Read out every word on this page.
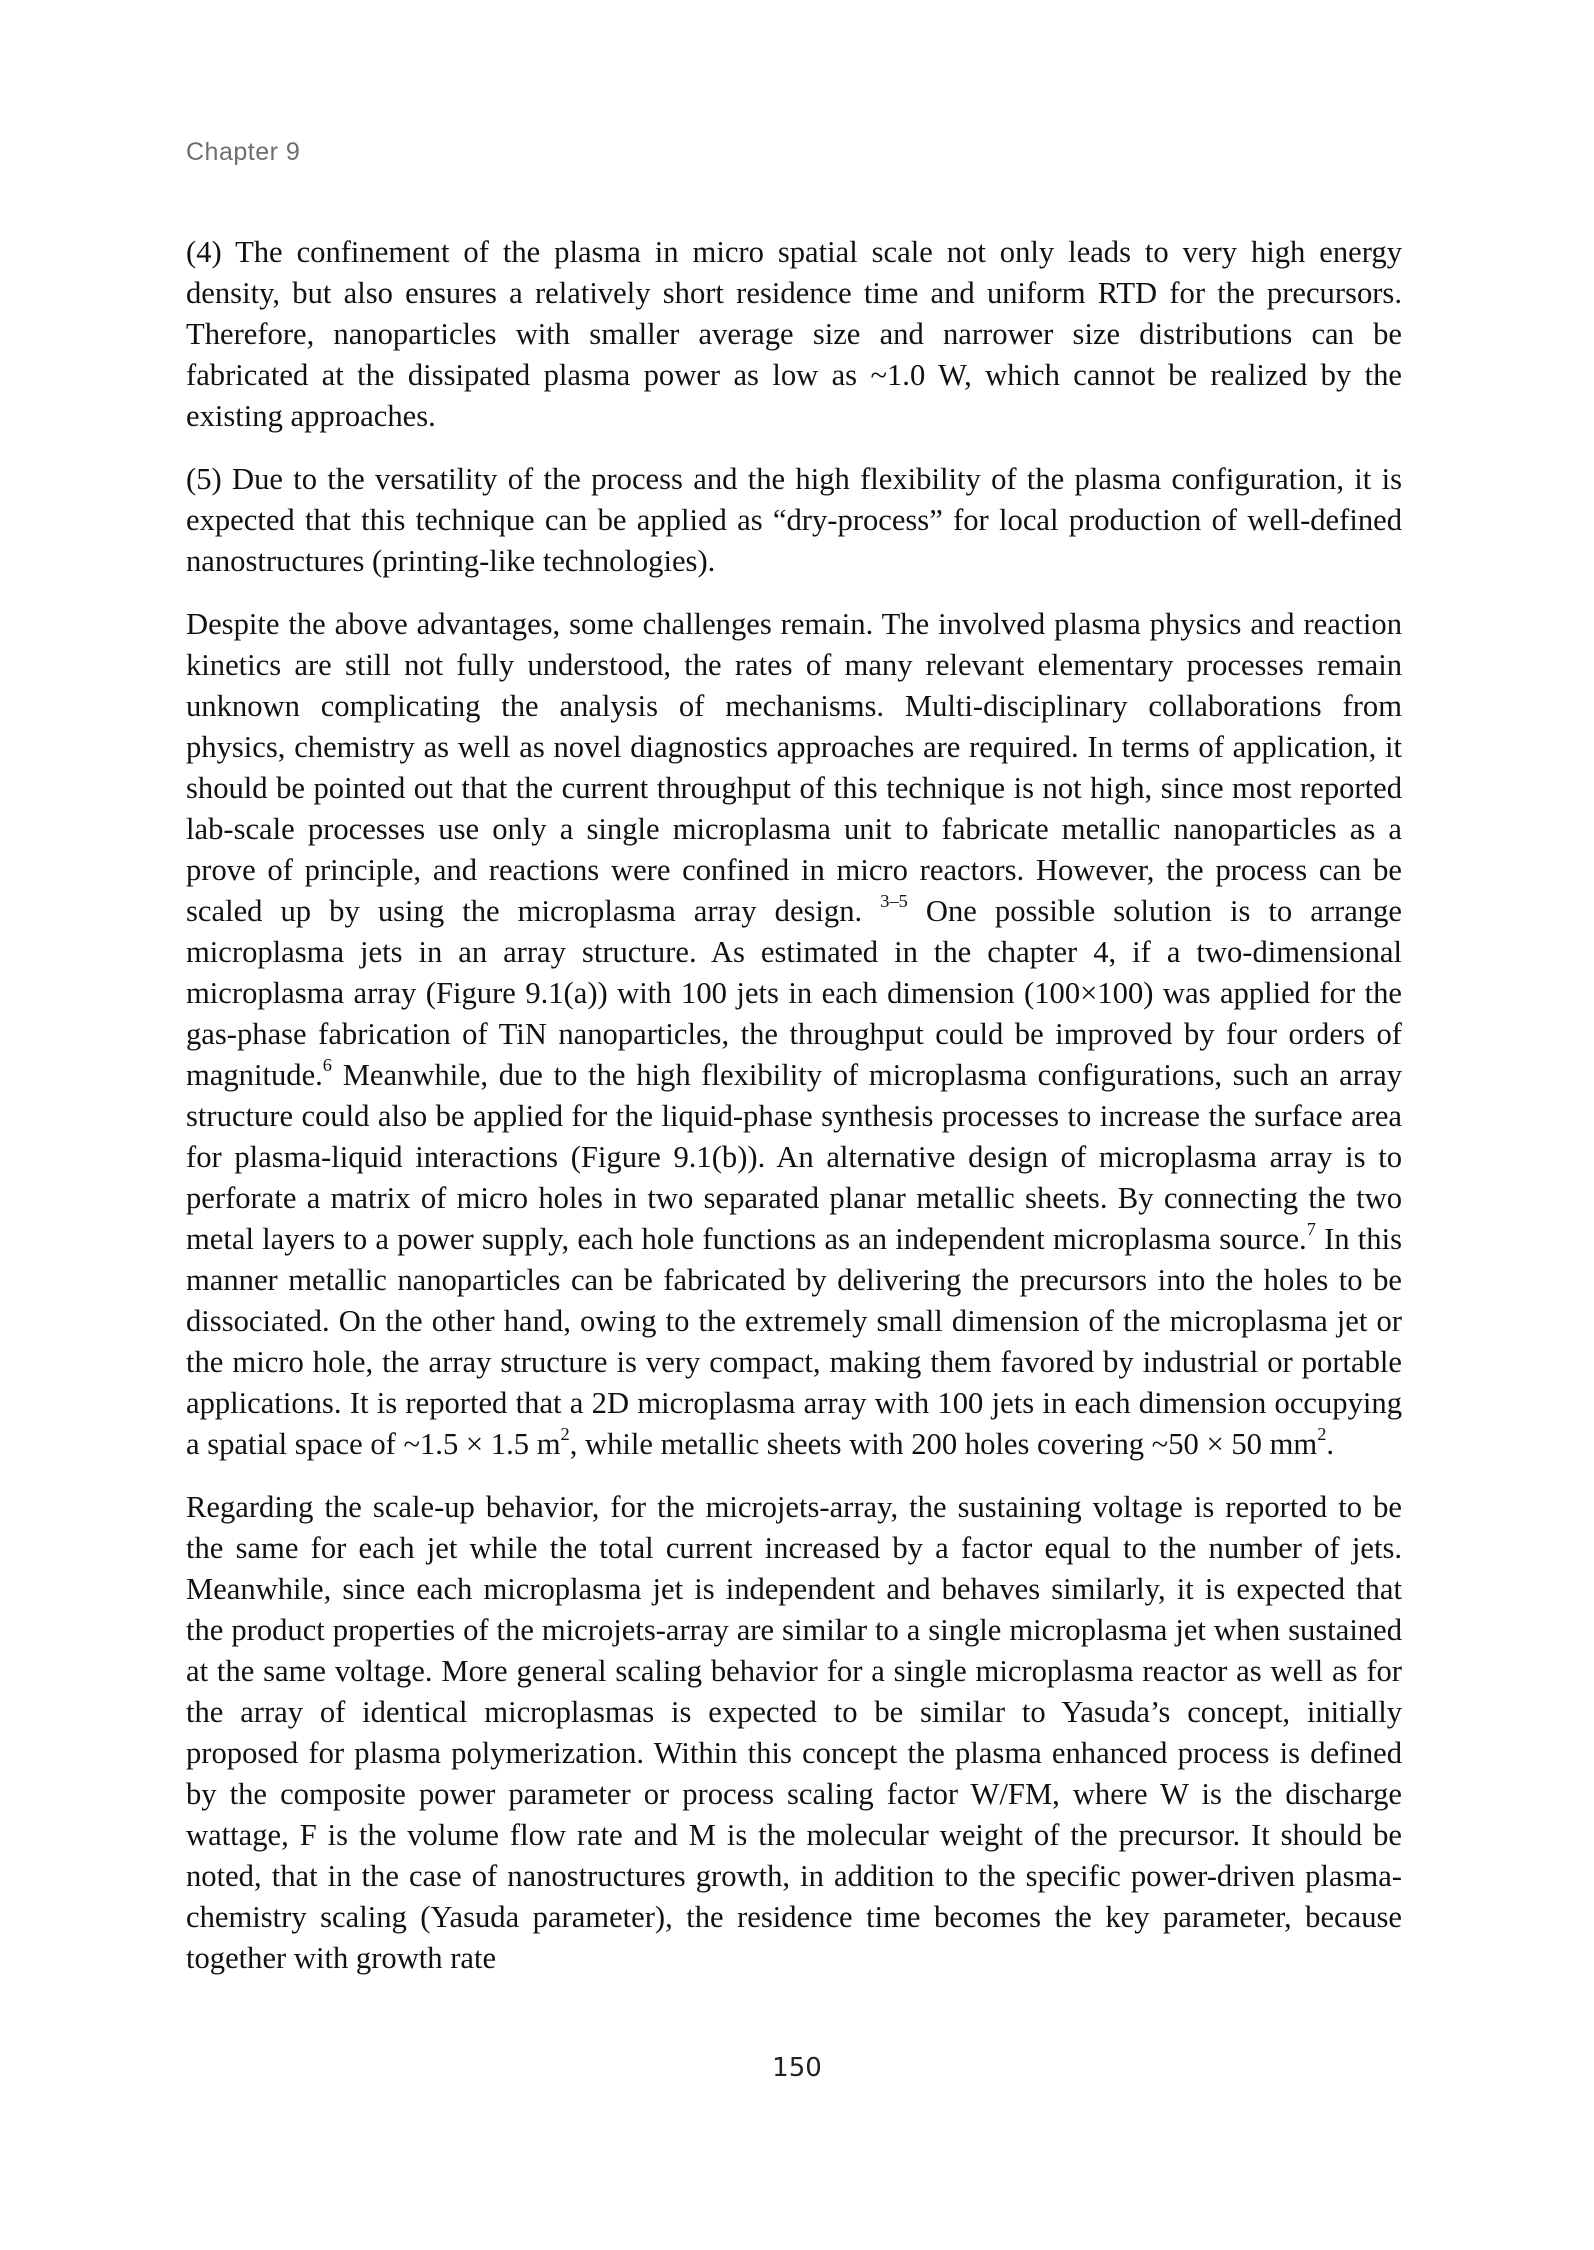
Chapter 9

(4) The confinement of the plasma in micro spatial scale not only leads to very high energy density, but also ensures a relatively short residence time and uniform RTD for the precursors. Therefore, nanoparticles with smaller average size and narrower size distributions can be fabricated at the dissipated plasma power as low as ~1.0 W, which cannot be realized by the existing approaches.

(5) Due to the versatility of the process and the high flexibility of the plasma configuration, it is expected that this technique can be applied as “dry-process” for local production of well-defined nanostructures (printing-like technologies).

Despite the above advantages, some challenges remain. The involved plasma physics and reaction kinetics are still not fully understood, the rates of many relevant elementary processes remain unknown complicating the analysis of mechanisms. Multi-disciplinary collaborations from physics, chemistry as well as novel diagnostics approaches are required. In terms of application, it should be pointed out that the current throughput of this technique is not high, since most reported lab-scale processes use only a single microplasma unit to fabricate metallic nanoparticles as a prove of principle, and reactions were confined in micro reactors. However, the process can be scaled up by using the microplasma array design. $^{3-5}$ One possible solution is to arrange microplasma jets in an array structure. As estimated in the chapter 4, if a two-dimensional microplasma array (Figure 9.1(a)) with 100 jets in each dimension (100×100) was applied for the gas-phase fabrication of TiN nanoparticles, the throughput could be improved by four orders of magnitude.$^6$ Meanwhile, due to the high flexibility of microplasma configurations, such an array structure could also be applied for the liquid-phase synthesis processes to increase the surface area for plasma-liquid interactions (Figure 9.1(b)). An alternative design of microplasma array is to perforate a matrix of micro holes in two separated planar metallic sheets. By connecting the two metal layers to a power supply, each hole functions as an independent microplasma source.$^7$ In this manner metallic nanoparticles can be fabricated by delivering the precursors into the holes to be dissociated. On the other hand, owing to the extremely small dimension of the microplasma jet or the micro hole, the array structure is very compact, making them favored by industrial or portable applications. It is reported that a 2D microplasma array with 100 jets in each dimension occupying a spatial space of ~1.5 × 1.5 $m^2$, while metallic sheets with 200 holes covering ~50 × 50 $mm^2$.

Regarding the scale-up behavior, for the microjets-array, the sustaining voltage is reported to be the same for each jet while the total current increased by a factor equal to the number of jets. Meanwhile, since each microplasma jet is independent and behaves similarly, it is expected that the product properties of the microjets-array are similar to a single microplasma jet when sustained at the same voltage. More general scaling behavior for a single microplasma reactor as well as for the array of identical microplasmas is expected to be similar to Yasuda’s concept, initially proposed for plasma polymerization. Within this concept the plasma enhanced process is defined by the composite power parameter or process scaling factor W/FM, where W is the discharge wattage, F is the volume flow rate and M is the molecular weight of the precursor. It should be noted, that in the case of nanostructures growth, in addition to the specific power-driven plasma-chemistry scaling (Yasuda parameter), the residence time becomes the key parameter, because together with growth rate

150
